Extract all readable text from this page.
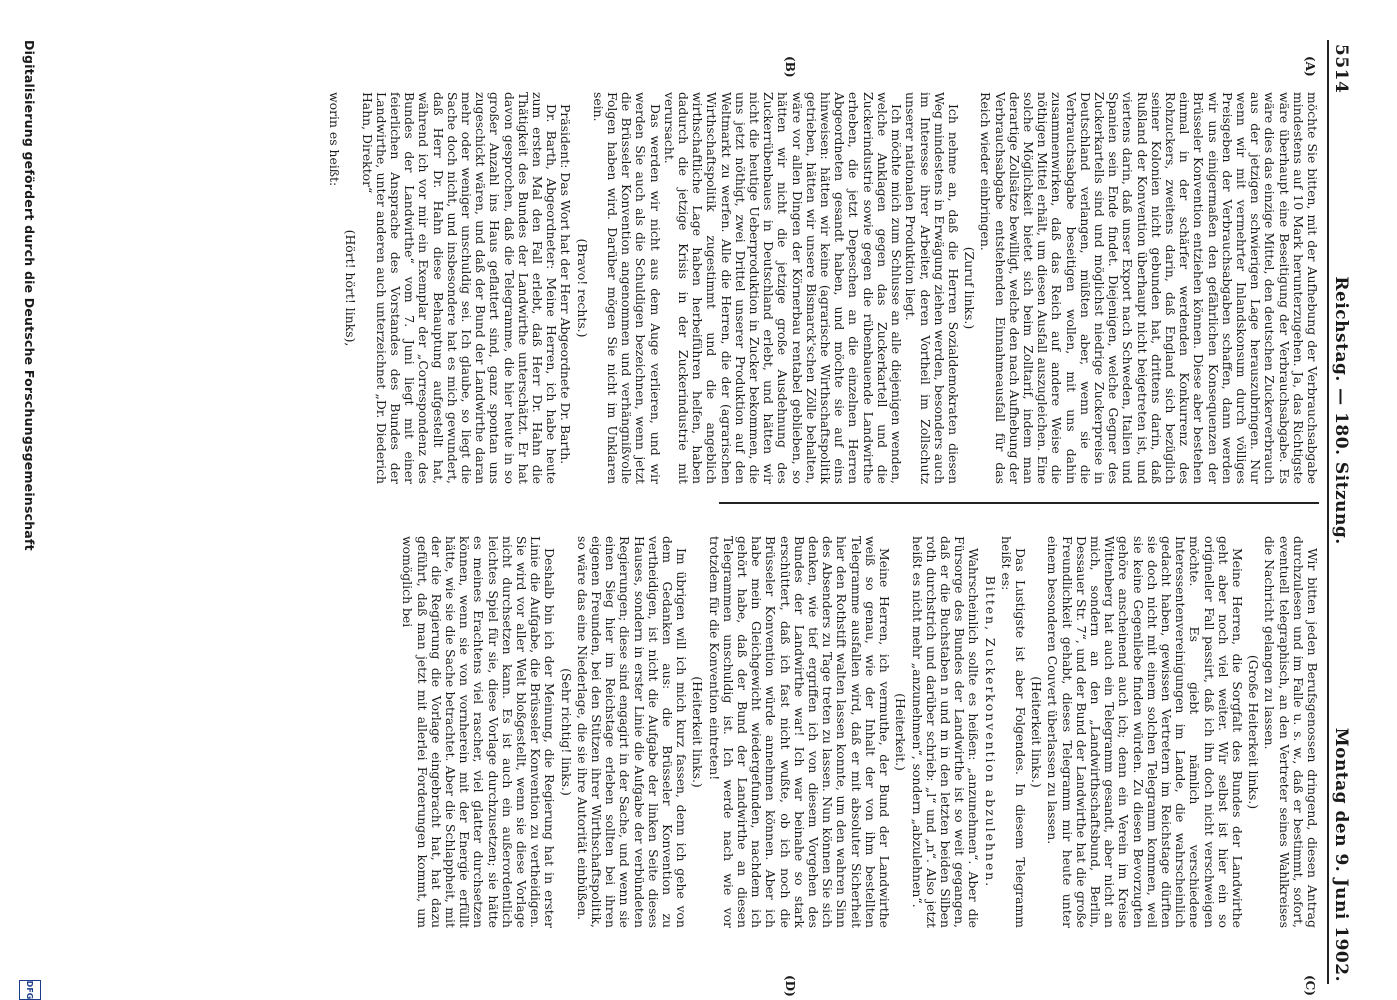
5514
Reichstag. — 180. Sitzung.
Montag den 9. Juni 1902.
(A)
(B)
(C)
(D)

möchte Sie bitten, mit der Aufhebung der Verbrauchsabgabe mindestens auf 10 Mark herunterzugehen. Ja, das Richtigste wäre überhaupt eine Beseitigung der Verbrauchsabgabe. Es wäre dies das einzige Mittel, den deutschen Zuckerverbrauch aus der jetzigen schwierigen Lage herauszubringen. Nur wenn wir mit vermehrter Inlandskonsum durch völliges Preisgeben der Verbrauchsabgaben schaffen, dann werden wir uns einigermaßen den gefährlichen Konsequenzen der Brüsseler Konvention entziehen können. Diese aber bestehen einmal in der schärfer werdenden Konkurrenz des Rohzuckers, zweitens darin, daß England sich bezüglich seiner Kolonien nicht gebunden hat, drittens darin, daß Rußland der Konvention überhaupt nicht beigetreten ist, und viertens darin, daß unser Export nach Schweden, Italien und Spanien sein Ende findet. Diejenigen, welche Gegner des Zuckerkartells sind und möglichst niedrige Zuckerpreise in Deutschland verlangen, müßten aber, wenn sie die Verbrauchsabgabe beseitigen wollen, mit uns dahin zusammenwirken, daß das Reich auf andere Weise die nöthigen Mittel erhält, um diesen Ausfall auszugleichen. Eine solche Möglichkeit bietet sich beim Zolltarif, indem man derartige Zollsätze bewilligt, welche den nach Aufhebung der Verbrauchsabgabe entstehenden Einnahmeausfall für das Reich wieder einbringen.

(Zuruf links.)

Ich nehme an, daß die Herren Sozialdemokraten diesen Weg mindestens in Erwägung ziehen werden, besonders auch im Interesse ihrer Arbeiter, deren Vortheil im Zollschutz unserer nationalen Produktion liegt.

Ich möchte mich zum Schlusse an alle diejenigen wenden, welche Anklagen gegen das Zuckerkartell und die Zuckerindustrie sowie gegen die rübenbauende Landwirthe erheben, die jetzt Depeschen an die einzelnen Herren Abgeordneten gesandt haben, und möchte sie auf eins hinweisen: hätten wir keine (agrarische Wirthschaftspolitik getrieben, hätten wir unsere Bismarck'schen Zölle behalten, wäre vor allen Dingen der Körnerbau rentabel geblieben, so hätten wir nicht die jetzige große Ausdehnung des Zuckerrübenbaues in Deutschland erlebt, und hätten wir nicht die heutige Ueberproduktion in Zucker bekommen, die uns jetzt nöthigt, zwei Drittel unserer Produktion auf den Weltmarkt zu werfen. Alle die Herren, die der (agrarischen Wirthschaftspolitik zugestimmt und die angeblich wirthschaftliche Lage haben herbeiführen helfen, haben dadurch die jetzige Krisis in der Zuckerindustrie mit verursacht.

Das werden wir nicht aus dem Auge verlieren, und wir werden Sie auch als die Schuldigen bezeichnen, wenn jetzt die Brüsseler Konvention angenommen und verhängnißvolle Folgen haben wird. Darüber mögen Sie nicht im Unklaren sein.

(Bravo! rechts.)

Präsident: Das Wort hat der Herr Abgeordnete Dr. Barth.

Dr. Barth, Abgeordneter: Meine Herren, ich habe heute zum ersten Mal den Fall erlebt, daß Herr Dr. Hahn die Thätigkeit des Bundes der Landwirthe unterschätzt. Er hat davon gesprochen, daß die Telegramme, die hier heute in so großer Anzahl ins Haus geflattert sind, ganz spontan uns zugeschickt wären, und daß der Bund der Landwirthe daran mehr oder weniger unschuldig sei. Ich glaube, so liegt die Sache doch nicht, und insbesondere hat es mich gewundert, daß Herr Dr. Hahn diese Behauptung aufgestellt hat, während ich vor mir ein Exemplar der „Correspondenz des Bundes der Landwirthe“ vom 7. Juni liegt mit einer feierlichen Ansprache des Vorstandes des Bundes der Landwirthe, unter anderen auch unterzeichnet „Dr. Diederich Hahn, Direktor“

(Hört! hört! links),

worin es heißt:

Wir bitten jeden Berufsgenossen dringend, diesen Antrag durchzulesen und im Falle u. s. w., daß er bestimmt, sofort, eventuell telegraphisch, an den Vertreter seines Wahlkreises die Nachricht gelangen zu lassen.

(Große Heiterkeit links.)

Meine Herren, die Sorgfalt des Bundes der Landwirthe geht aber noch viel weiter. Wir selbst ist hier ein so origineller Fall passirt, daß ich ihn doch nicht verschweigen möchte. Es giebt nämlich verschiedene Interessentenvereinigungen im Lande, die wahrscheinlich gedacht haben, gewissen Vertretern im Reichstage dürften sie doch nicht mit einem solchen Telegramm kommen, weil sie keine Gegenliebe finden würden. Zu diesen Bevorzugten gehöre anscheinend auch ich; denn ein Verein im Kreise Wittenberg hat auch ein Telegramm gesandt, aber nicht an mich, sondern an den „Landwirthschaftsbund, Berlin, Dessauer Str. 7“, und der Bund der Landwirthe hat die große Freundlichkeit gehabt, dieses Telegramm mir heute unter einem besonderen Couvert überlassen zu lassen.

(Heiterkeit links.)

Das Lustigste ist aber Folgendes. In diesem Telegramm heißt es:

Bitten, Zuckerkonvention abzulehnen.

Wahrscheinlich sollte es heißen: „anzunehmen“. Aber die Fürsorge des Bundes der Landwirthe ist so weit gegangen, daß er die Buchstaben n und m in den letzten beiden Silben roth durchstrich und darüber schrieb: „l“ und „n“. Also jetzt heißt es nicht mehr „anzunehmen“, sondern „abzulehnen“.

(Heiterkeit.)

Meine Herren, ich vermuthe, der Bund der Landwirthe weiß so genau, wie der Inhalt der von ihm bestellten Telegramme ausfallen wird, daß er mit absoluter Sicherheit hier den Rothstift walten lassen konnte, um den wahren Sinn des Absenders zu Tage treten zu lassen. Nun können Sie sich denken, wie tief ergriffen ich von diesem Vorgehen des Bundes der Landwirthe war! Ich war beinahe so stark erschüttert, daß ich fast nicht wußte, ob ich noch die Brüsseler Konvention würde annehmen können. Aber ich habe mein Gleichgewicht wiedergefunden, nachdem ich gehört habe, daß der Bund der Landwirthe an diesen Telegrammen unschuldig ist. Ich werde nach wie vor trotzdem für die Konvention eintreten!

(Heiterkeit links.)

Im übrigen will ich mich kurz fassen, denn ich gehe von dem Gedanken aus: die Brüsseler Konvention zu vertheidigen, ist nicht die Aufgabe der linken Seite dieses Hauses, sondern in erster Linie die Aufgabe der verbündeten Regierungen; diese sind engagirt in der Sache, und wenn sie einen Sieg hier im Reichstage erleben sollten bei ihren eigenen Freunden, bei den Stützen ihrer Wirthschaftspolitik, so wäre das eine Niederlage, die sie ihre Autorität einbüßen.

(Sehr richtig! links.)

Deshalb bin ich der Meinung, die Regierung hat in erster Linie die Aufgabe, die Brüsseler Konvention zu vertheidigen. Sie wird vor aller Welt bloßgestellt, wenn sie diese Vorlage nicht durchsetzen kann. Es ist auch ein außerordentlich leichtes Spiel für sie, diese Vorlage durchzusetzen; sie hätte es meines Erachtens viel rascher, viel glatter durchsetzen können, wenn sie von vornherein mit der Energie erfüllt hätte, wie sie die Sache betrachtet. Aber die Schlappheit, mit der die Regierung die Vorlage eingebracht hat, hat dazu geführt, daß man jetzt mit allerlei Forderungen kommt, um womöglich bei

Digitalisierung gefördert durch die Deutsche Forschungsgemeinschaft
DFG
